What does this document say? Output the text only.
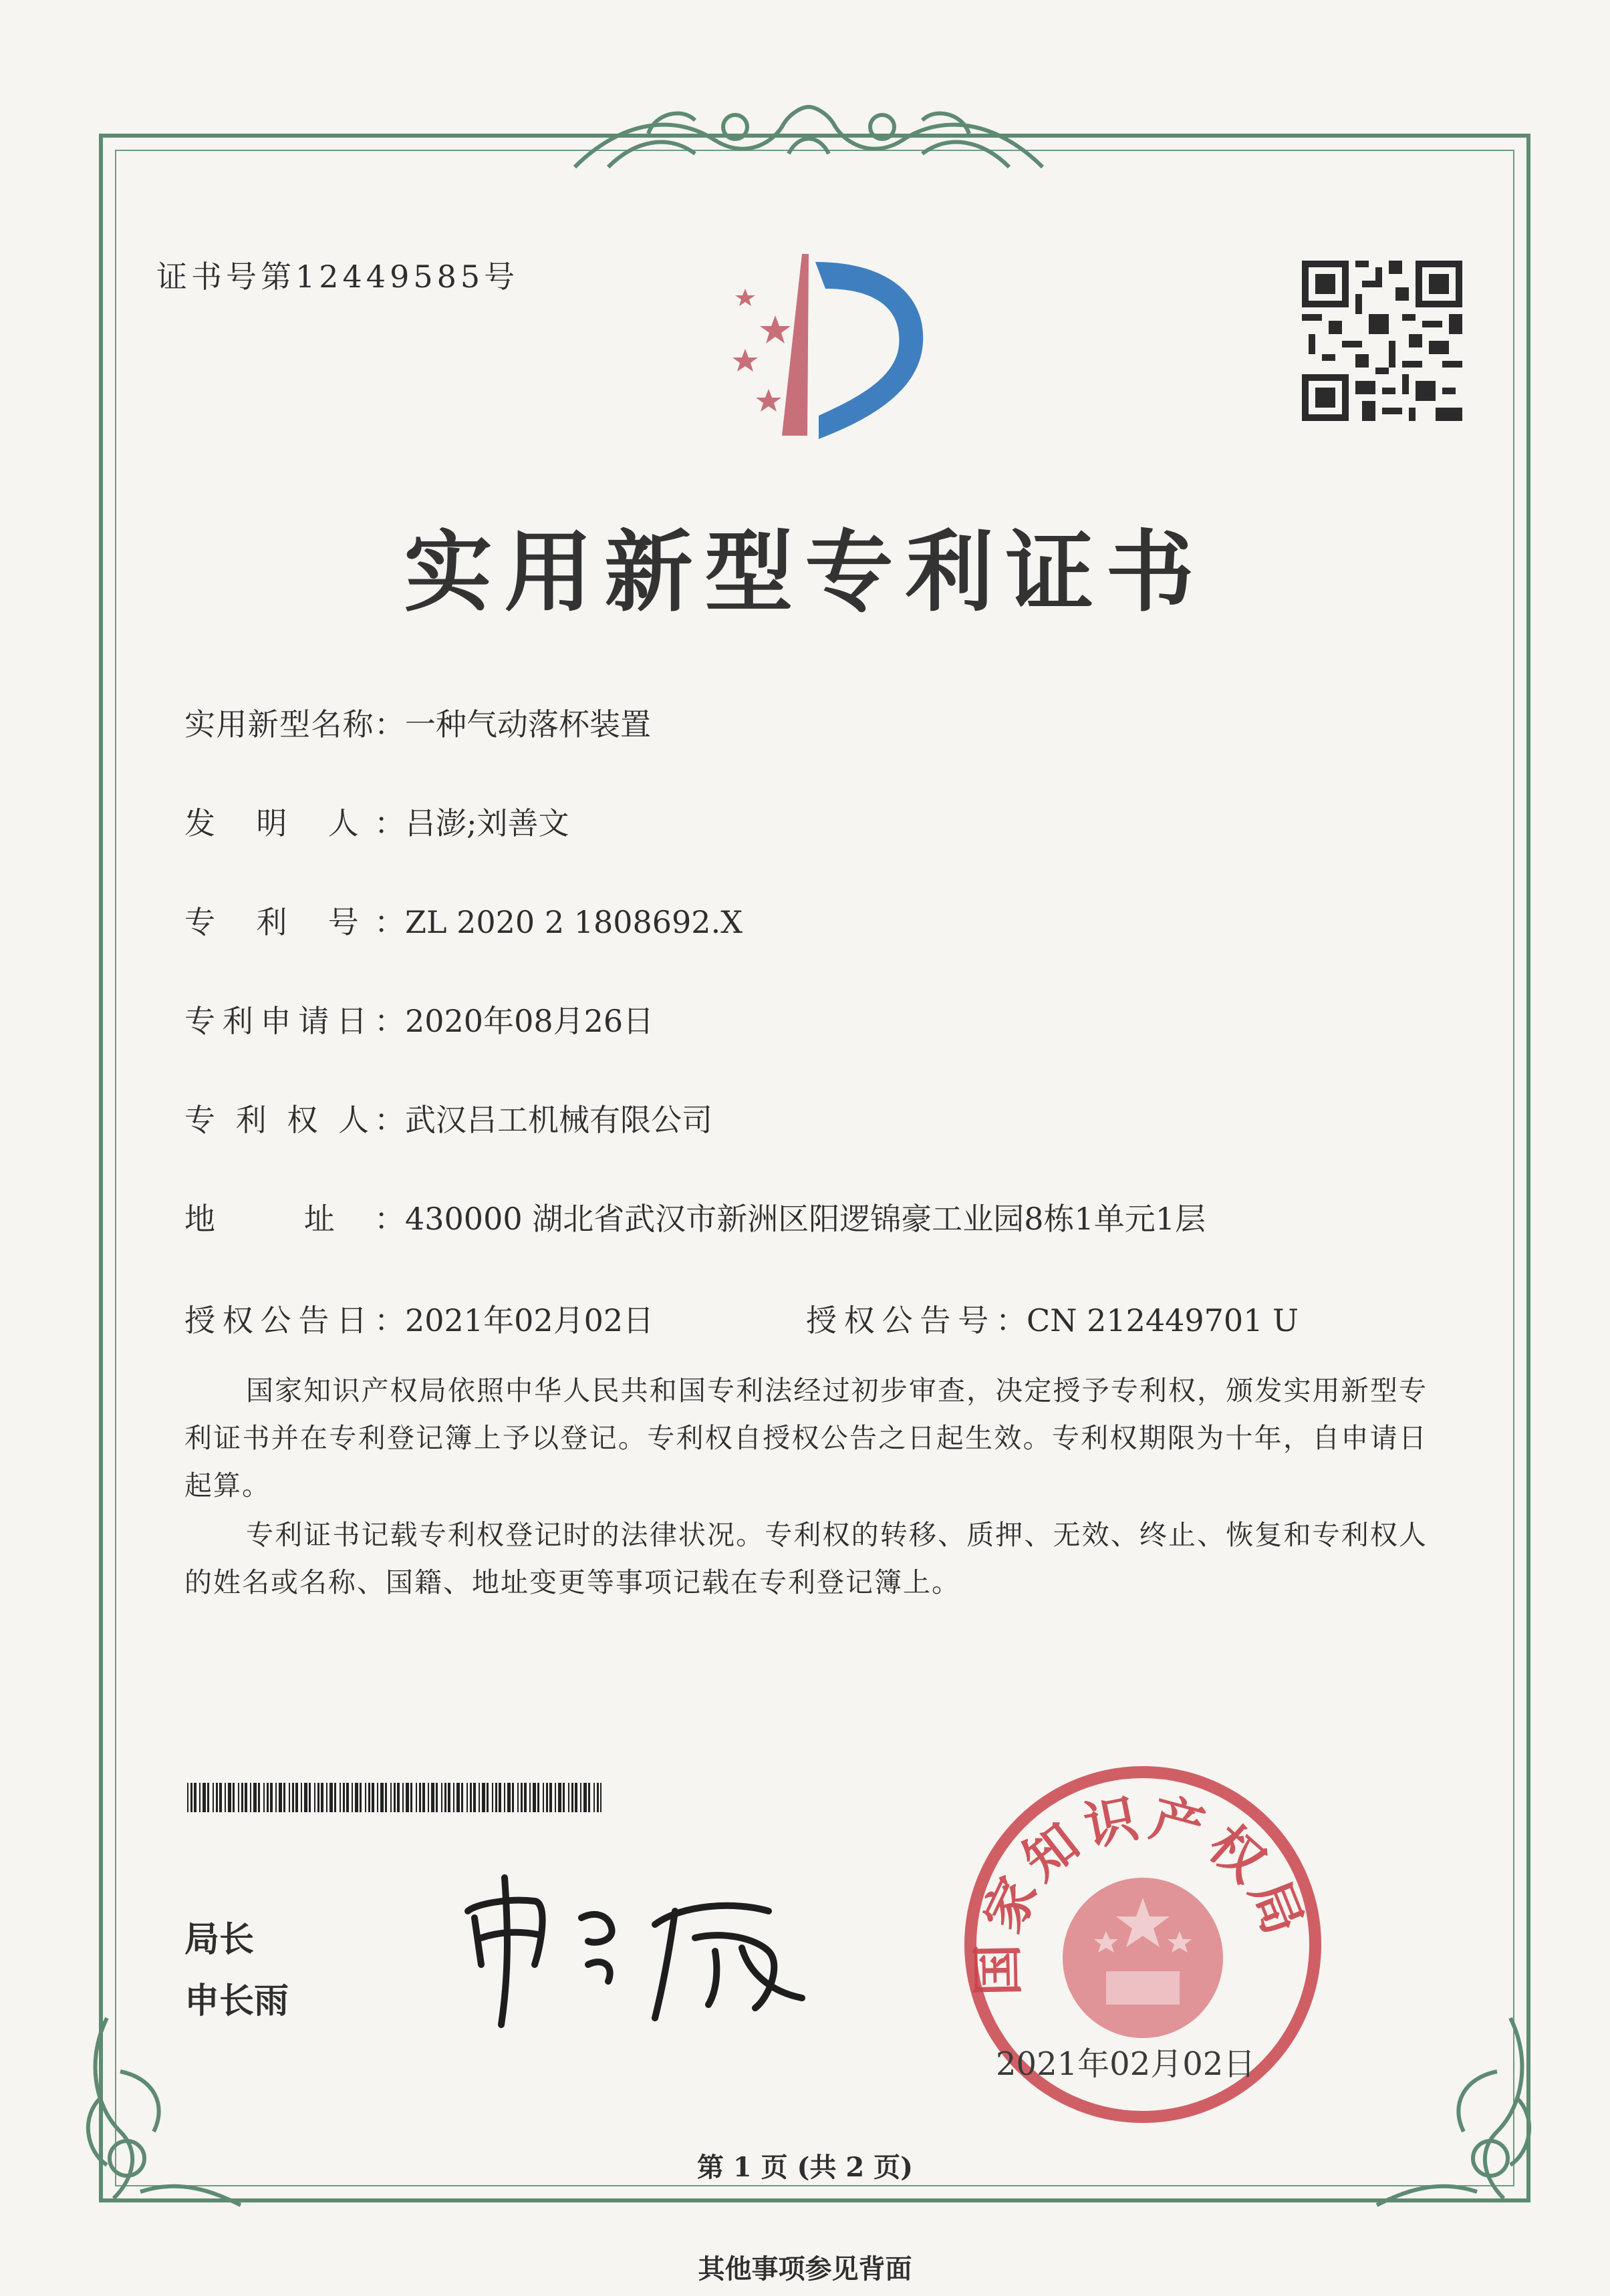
证书号第12449585号
实用新型专利证书
实用新型名称：一种气动落杯装置
发 明 人：吕澎;刘善文
专 利 号：ZL 2020 2 1808692.X
专利申请日：2020年08月26日
专 利 权 人：武汉吕工机械有限公司
地 址：430000 湖北省武汉市新洲区阳逻锦豪工业园8栋1单元1层
授权公告日：2021年02月02日	授权公告号：CN 212449701 U
国家知识产权局依照中华人民共和国专利法经过初步审查，决定授予专利权，颁发实用新型专利证书并在专利登记簿上予以登记。专利权自授权公告之日起生效。专利权期限为十年，自申请日起算。
专利证书记载专利权登记时的法律状况。专利权的转移、质押、无效、终止、恢复和专利权人的姓名或名称、国籍、地址变更等事项记载在专利登记簿上。
局长
申长雨
国家知识产权局
2021年02月02日
第 1 页 (共 2 页)
其他事项参见背面
